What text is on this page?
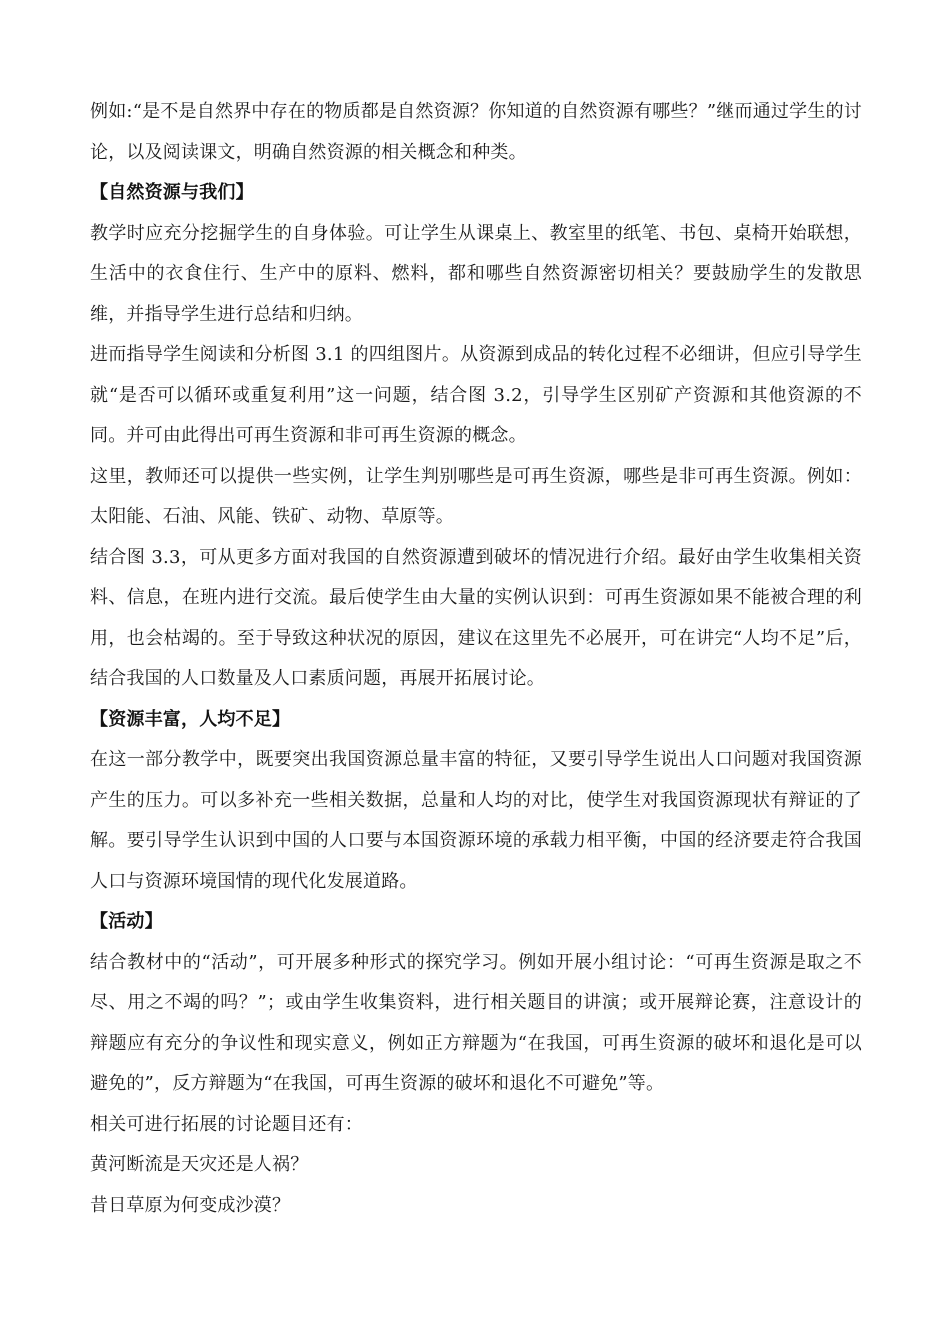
例如:“是不是自然界中存在的物质都是自然资源？你知道的自然资源有哪些？”继而通过学生的讨论，以及阅读课文，明确自然资源的相关概念和种类。

【自然资源与我们】

教学时应充分挖掘学生的自身体验。可让学生从课桌上、教室里的纸笔、书包、桌椅开始联想，生活中的衣食住行、生产中的原料、燃料，都和哪些自然资源密切相关？要鼓励学生的发散思维，并指导学生进行总结和归纳。

进而指导学生阅读和分析图 3.1 的四组图片。从资源到成品的转化过程不必细讲，但应引导学生就“是否可以循环或重复利用”这一问题，结合图 3.2，引导学生区别矿产资源和其他资源的不同。并可由此得出可再生资源和非可再生资源的概念。

这里，教师还可以提供一些实例，让学生判别哪些是可再生资源，哪些是非可再生资源。例如：太阳能、石油、风能、铁矿、动物、草原等。

结合图 3.3，可从更多方面对我国的自然资源遭到破坏的情况进行介绍。最好由学生收集相关资料、信息，在班内进行交流。最后使学生由大量的实例认识到：可再生资源如果不能被合理的利用，也会枯竭的。至于导致这种状况的原因，建议在这里先不必展开，可在讲完“人均不足”后，结合我国的人口数量及人口素质问题，再展开拓展讨论。

【资源丰富，人均不足】

在这一部分教学中，既要突出我国资源总量丰富的特征，又要引导学生说出人口问题对我国资源产生的压力。可以多补充一些相关数据，总量和人均的对比，使学生对我国资源现状有辩证的了解。要引导学生认识到中国的人口要与本国资源环境的承载力相平衡，中国的经济要走符合我国人口与资源环境国情的现代化发展道路。

【活动】

结合教材中的“活动”，可开展多种形式的探究学习。例如开展小组讨论：“可再生资源是取之不尽、用之不竭的吗？”；或由学生收集资料，进行相关题目的讲演；或开展辩论赛，注意设计的辩题应有充分的争议性和现实意义，例如正方辩题为“在我国，可再生资源的破坏和退化是可以避免的”，反方辩题为“在我国，可再生资源的破坏和退化不可避免”等。

相关可进行拓展的讨论题目还有：

黄河断流是天灾还是人祸？

昔日草原为何变成沙漠？
